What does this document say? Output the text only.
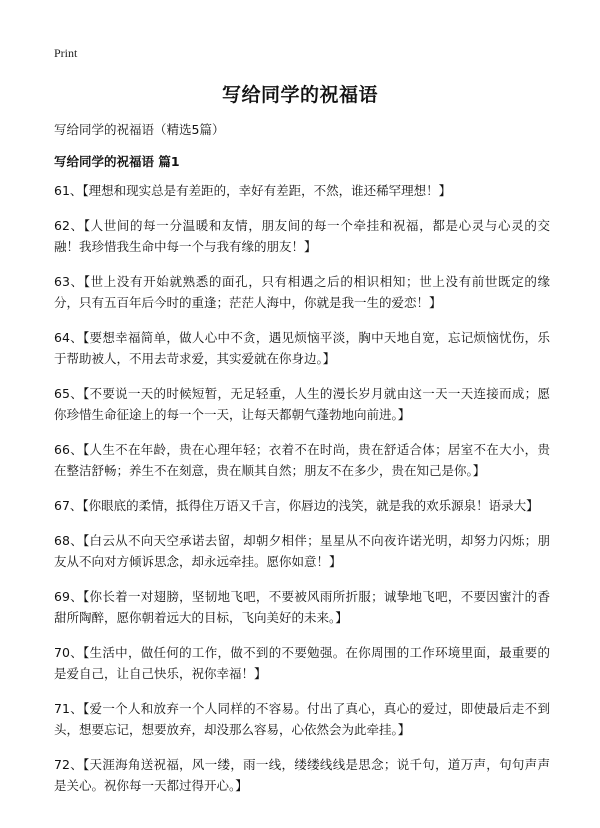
Print
写给同学的祝福语
写给同学的祝福语（精选5篇）
写给同学的祝福语 篇1

61、【理想和现实总是有差距的，幸好有差距，不然，谁还稀罕理想！】

62、【人世间的每一分温暖和友情，朋友间的每一个牵挂和祝福，都是心灵与心灵的交融！我珍惜我生命中每一个与我有缘的朋友！】

63、【世上没有开始就熟悉的面孔，只有相遇之后的相识相知；世上没有前世既定的缘分，只有五百年后今时的重逢；茫茫人海中，你就是我一生的爱恋！】

64、【要想幸福简单，做人心中不贪，遇见烦恼平淡，胸中天地自宽，忘记烦恼忧伤，乐于帮助被人，不用去苛求爱，其实爱就在你身边。】

65、【不要说一天的时候短暂，无足轻重，人生的漫长岁月就由这一天一天连接而成；愿你珍惜生命征途上的每一个一天，让每天都朝气蓬勃地向前进。】

66、【人生不在年龄，贵在心理年轻；衣着不在时尚，贵在舒适合体；居室不在大小，贵在整洁舒畅；养生不在刻意，贵在顺其自然；朋友不在多少，贵在知己是你。】

67、【你眼底的柔情，抵得住万语又千言，你唇边的浅笑，就是我的欢乐源泉！语录大】

68、【白云从不向天空承诺去留，却朝夕相伴；星星从不向夜许诺光明，却努力闪烁；朋友从不向对方倾诉思念，却永远牵挂。愿你如意！】

69、【你长着一对翅膀，坚韧地飞吧，不要被风雨所折服；诚挚地飞吧，不要因蜜汁的香甜所陶醉，愿你朝着远大的目标，飞向美好的未来。】

70、【生活中，做任何的工作，做不到的不要勉强。在你周围的工作环境里面，最重要的是爱自己，让自己快乐，祝你幸福！】

71、【爱一个人和放弃一个人同样的不容易。付出了真心，真心的爱过，即使最后走不到头，想要忘记，想要放弃，却没那么容易，心依然会为此牵挂。】

72、【天涯海角送祝福，风一缕，雨一线，缕缕线线是思念；说千句，道万声，句句声声是关心。祝你每一天都过得开心。】
